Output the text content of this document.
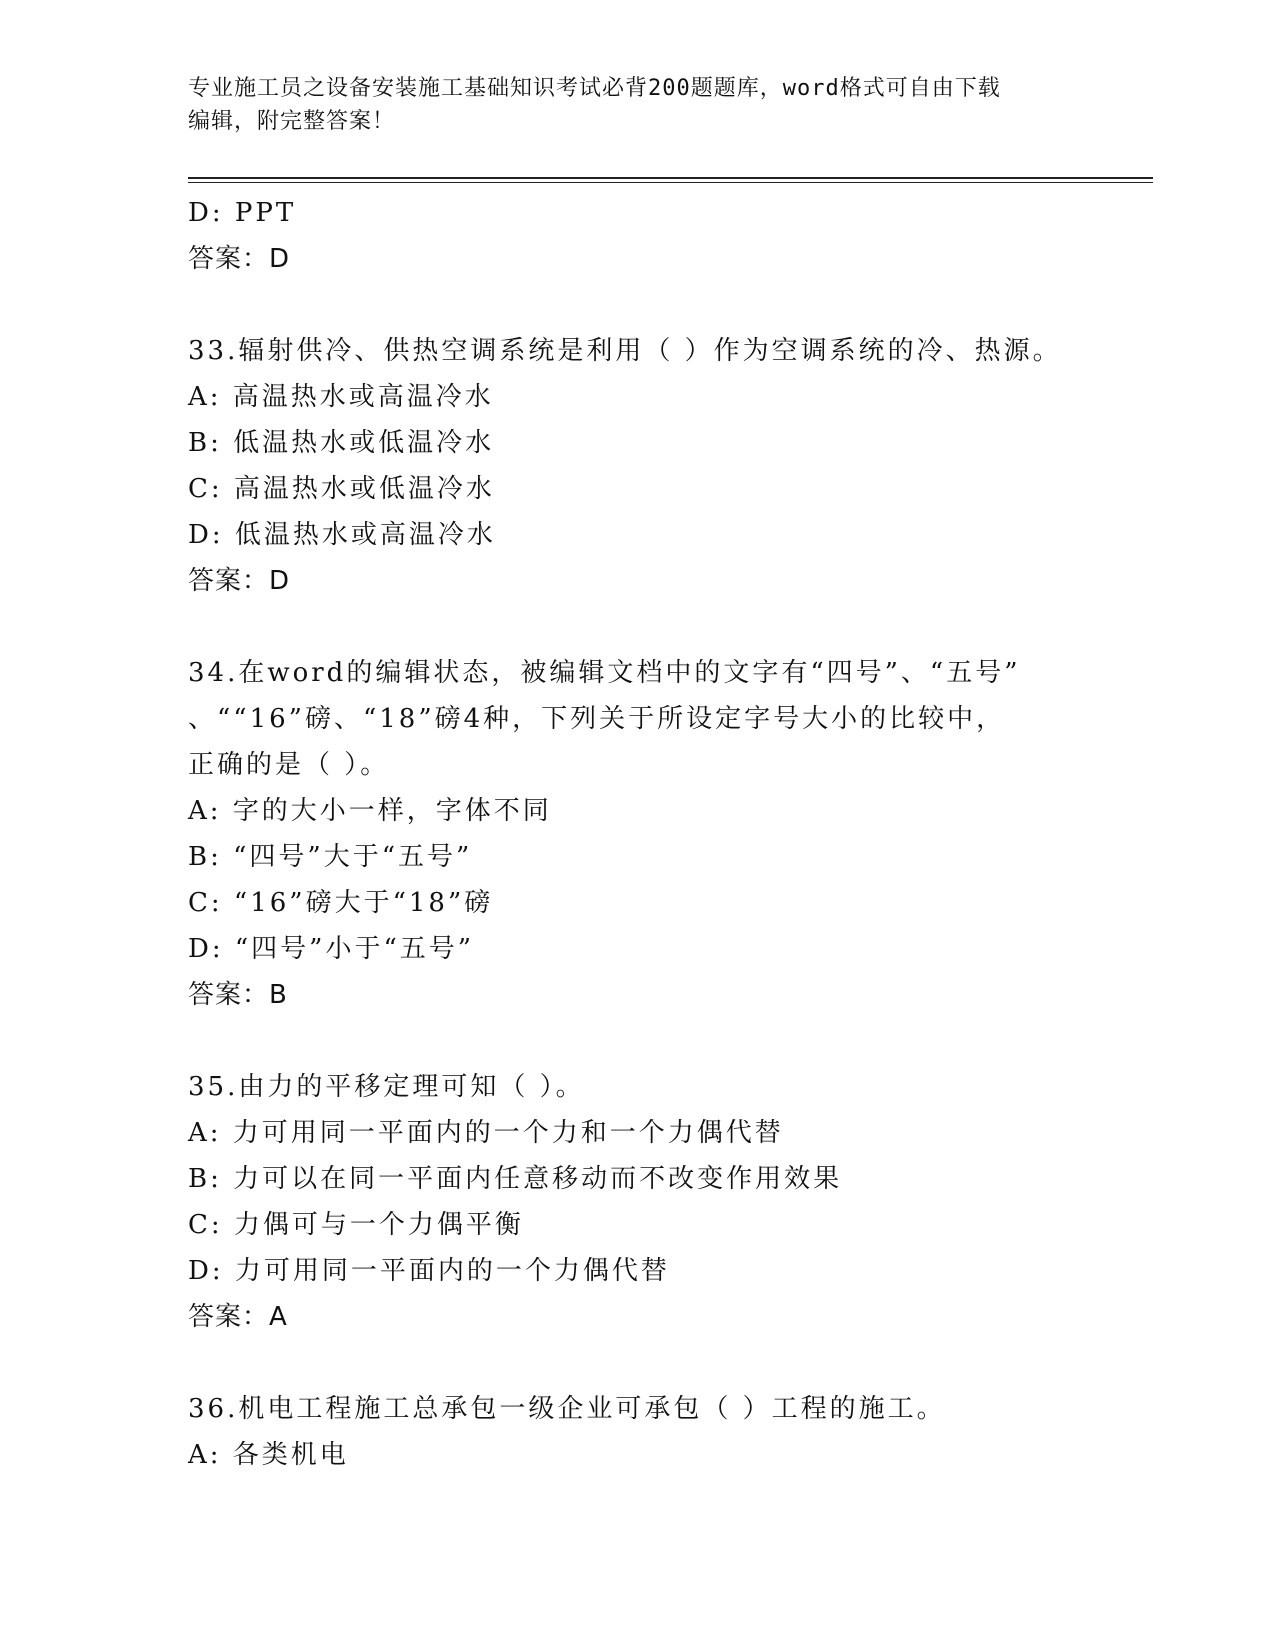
专业施工员之设备安装施工基础知识考试必背200题题库，word格式可自由下载
编辑，附完整答案！
D: PPT
答案：D
33.辐射供冷、供热空调系统是利用（ ）作为空调系统的冷、热源。
A: 高温热水或高温冷水
B: 低温热水或低温冷水
C: 高温热水或低温冷水
D: 低温热水或高温冷水
答案：D
34.在word的编辑状态，被编辑文档中的文字有“四号”、“五号”
、““16”磅、“18”磅4种，下列关于所设定字号大小的比较中，
正确的是（ ）。
A: 字的大小一样，字体不同
B: “四号”大于“五号”
C: “16”磅大于“18”磅
D: “四号”小于“五号”
答案：B
35.由力的平移定理可知（ ）。
A: 力可用同一平面内的一个力和一个力偶代替
B: 力可以在同一平面内任意移动而不改变作用效果
C: 力偶可与一个力偶平衡
D: 力可用同一平面内的一个力偶代替
答案：A
36.机电工程施工总承包一级企业可承包（ ）工程的施工。
A: 各类机电
